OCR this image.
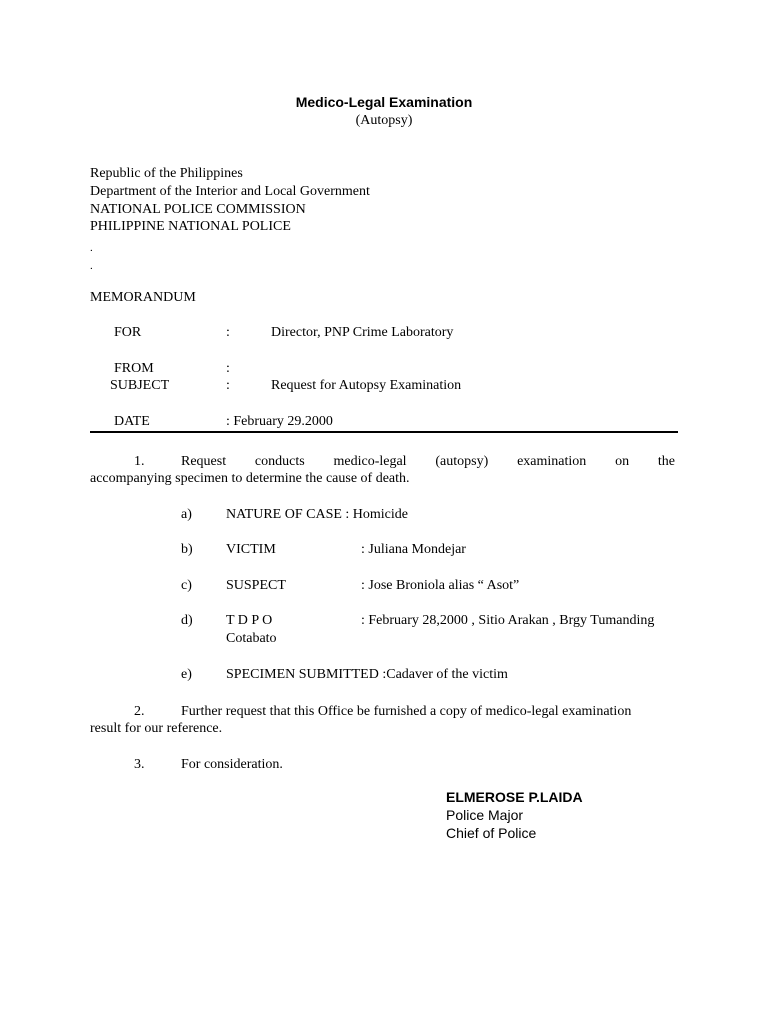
Medico-Legal Examination
(Autopsy)
Republic of the Philippines
Department of the Interior and Local Government
NATIONAL POLICE COMMISSION
PHILIPPINE NATIONAL POLICE
.
.
MEMORANDUM
FOR	:	Director, PNP Crime Laboratory
FROM	:
SUBJECT	:	Request for Autopsy Examination
DATE	: February 29.2000
1.	Request conducts medico-legal (autopsy) examination on the
accompanying specimen to determine the cause of death.
a) NATURE OF CASE : Homicide
b) VICTIM	: Juliana Mondejar
c) SUSPECT	: Jose Broniola alias “ Asot”
d) T D P O	: February 28,2000 , Sitio Arakan , Brgy Tumanding
Cotabato
e) SPECIMEN SUBMITTED :Cadaver of the victim
2.	Further request that this Office be furnished a copy of medico-legal examination
result for our reference.
3.	For consideration.
ELMEROSE P.LAIDA
Police Major
Chief of Police
